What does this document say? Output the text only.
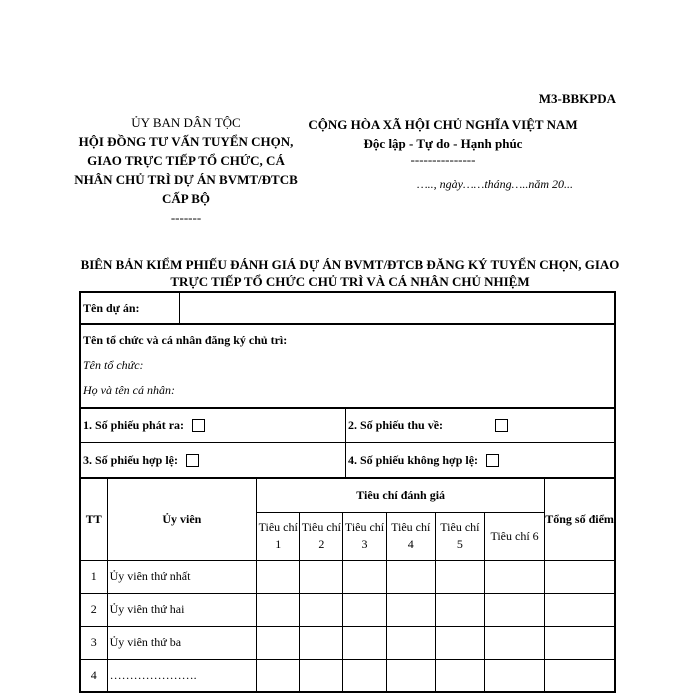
M3-BBKPDA
ỦY BAN DÂN TỘC
HỘI ĐỒNG TƯ VẤN TUYỂN CHỌN, GIAO TRỰC TIẾP TỔ CHỨC, CÁ NHÂN CHỦ TRÌ DỰ ÁN BVMT/ĐTCB CẤP BỘ
-------
CỘNG HÒA XÃ HỘI CHỦ NGHĨA VIỆT NAM
Độc lập - Tự do - Hạnh phúc
---------------
….., ngày……tháng…..năm 20...
BIÊN BẢN KIỂM PHIẾU ĐÁNH GIÁ DỰ ÁN BVMT/ĐTCB ĐĂNG KÝ TUYỂN CHỌN, GIAO TRỰC TIẾP TỔ CHỨC CHỦ TRÌ VÀ CÁ NHÂN CHỦ NHIỆM
Tên dự án:
Tên tổ chức và cá nhân đăng ký chủ trì:
Tên tổ chức:
Họ và tên cá nhân:
1. Số phiếu phát ra:	2. Số phiếu thu về:
3. Số phiếu hợp lệ:	4. Số phiếu không hợp lệ:
TT	Ủy viên	Tiêu chí đánh giá						Tổng số điểm
		Tiêu chí 1	Tiêu chí 2	Tiêu chí 3	Tiêu chí 4	Tiêu chí 5	Tiêu chí 6	
1	Ủy viên thứ nhất							
2	Ủy viên thứ hai							
3	Ủy viên thứ ba							
4	………………….							
